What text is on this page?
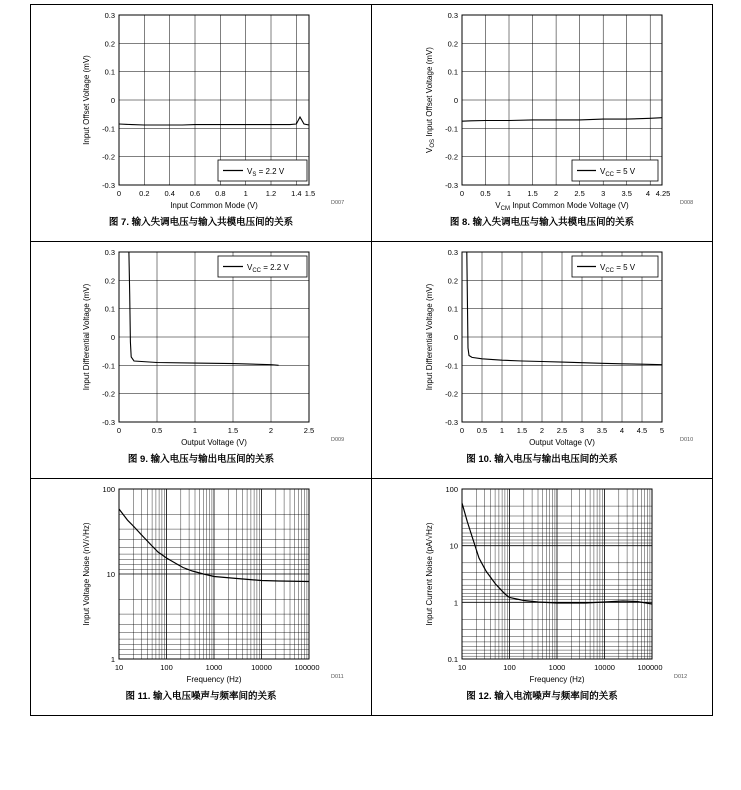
0.3
0.2
0.1
0
-0.1
-0.2
-0.3
0 0.2 0.4 0.6 0.8 1 1.2 1.4 1.5
$V_S = 2.2$ V
Input Common Mode (V)
Input Offset Voltage (mV)
D007
图 7. 输入失调电压与输入共模电压间的关系

0.3
0.2
0.1
0
-0.1
-0.2
-0.3
0 0.5 1 1.5 2 2.5 3 3.5 4 4.25
$V_{CC} = 5$ V
$V_{CM}$ Input Common Mode Voltage (V)
$V_{OS}$ Input Offset Voltage (mV)
D008
图 8. 输入失调电压与输入共模电压间的关系

0.3
0.2
0.1
0
-0.1
-0.2
-0.3
0	0.5	1	1.5	2	2.5
$V_{CC} = 2.2$ V
Output Voltage (V)
Input Differential Voltage (mV)
D009
图 9. 输入电压与输出电压间的关系

0.3
0.2
0.1
0
-0.1
-0.2
-0.3
0 0.5 1 1.5 2 2.5 3 3.5 4 4.5 5
$V_{CC} = 5$ V
Output Voltage (V)
Input Differential Voltage (mV)
D010
图 10. 输入电压与输出电压间的关系

100
10
1
10	100	1000	10000	100000
Frequency (Hz)
Input Voltage Noise (nV/√Hz)
D011
图 11. 输入电压噪声与频率间的关系

100
10
1
0.1
10	100	1000	10000	100000
Frequency (Hz)
Input Current Noise (pA/√Hz)
D012
图 12. 输入电流噪声与频率间的关系
